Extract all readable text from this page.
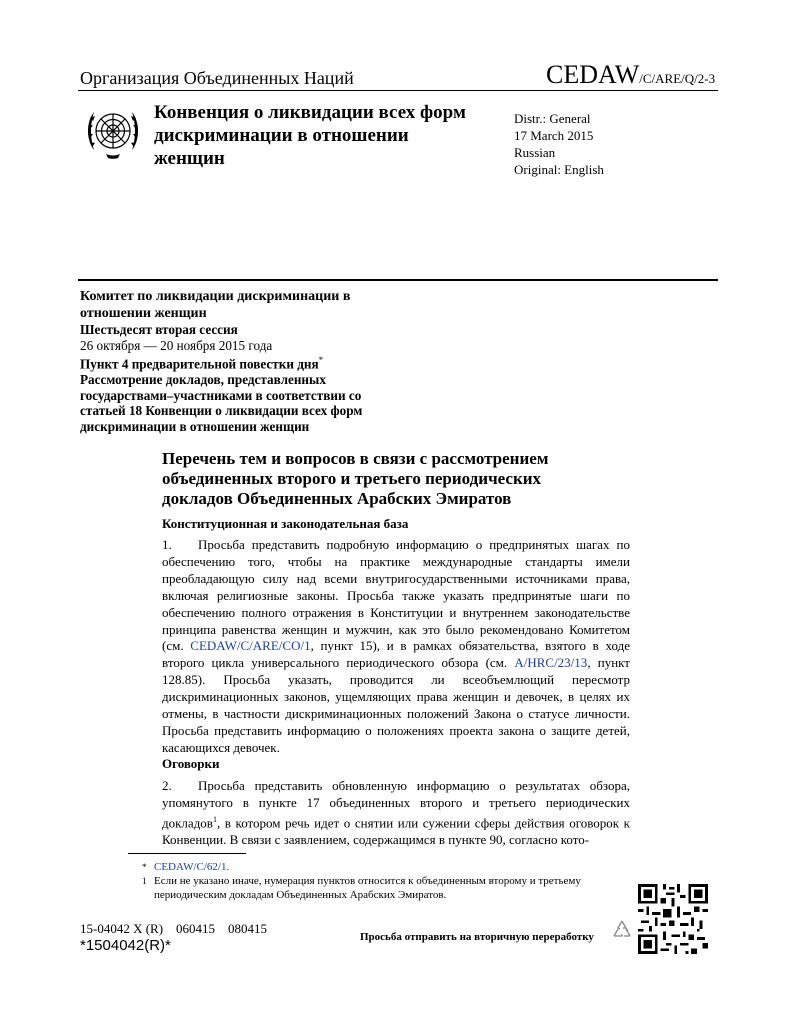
Организация Объединенных Наций	CEDAW/C/ARE/Q/2-3
Конвенция о ликвидации всех форм дискриминации в отношении женщин
Distr.: General
17 March 2015
Russian
Original: English
Комитет по ликвидации дискриминации в отношении женщин
Шестьдесят вторая сессия
26 октября — 20 ноября 2015 года
Пункт 4 предварительной повестки дня*
Рассмотрение докладов, представленных государствами–участниками в соответствии со статьей 18 Конвенции о ликвидации всех форм дискриминации в отношении женщин
Перечень тем и вопросов в связи с рассмотрением объединенных второго и третьего периодических докладов Объединенных Арабских Эмиратов
Конституционная и законодательная база
1. Просьба представить подробную информацию о предпринятых шагах по обеспечению того, чтобы на практике международные стандарты имели преобладающую силу над всеми внутригосударственными источниками права, включая религиозные законы. Просьба также указать предпринятые шаги по обеспечению полного отражения в Конституции и внутреннем законодательстве принципа равенства женщин и мужчин, как это было рекомендовано Комитетом (см. CEDAW/C/ARE/CO/1, пункт 15), и в рамках обязательства, взятого в ходе второго цикла универсального периодического обзора (см. A/HRC/23/13, пункт 128.85). Просьба указать, проводится ли всеобъемлющий пересмотр дискриминационных законов, ущемляющих права женщин и девочек, в целях их отмены, в частности дискриминационных положений Закона о статусе личности. Просьба представить информацию о положениях проекта закона о защите детей, касающихся девочек.
Оговорки
2. Просьба представить обновленную информацию о результатах обзора, упомянутого в пункте 17 объединенных второго и третьего периодических докладов$^1$, в котором речь идет о снятии или сужении сферы действия оговорок к Конвенции. В связи с заявлением, содержащимся в пункте 90, согласно кото-
* CEDAW/C/62/1.
1 Если не указано иначе, нумерация пунктов относится к объединенным второму и третьему периодическим докладам Объединенных Арабских Эмиратов.
15-04042 X (R)    060415    080415
*1504042(R)*	Просьба отправить на вторичную переработку
